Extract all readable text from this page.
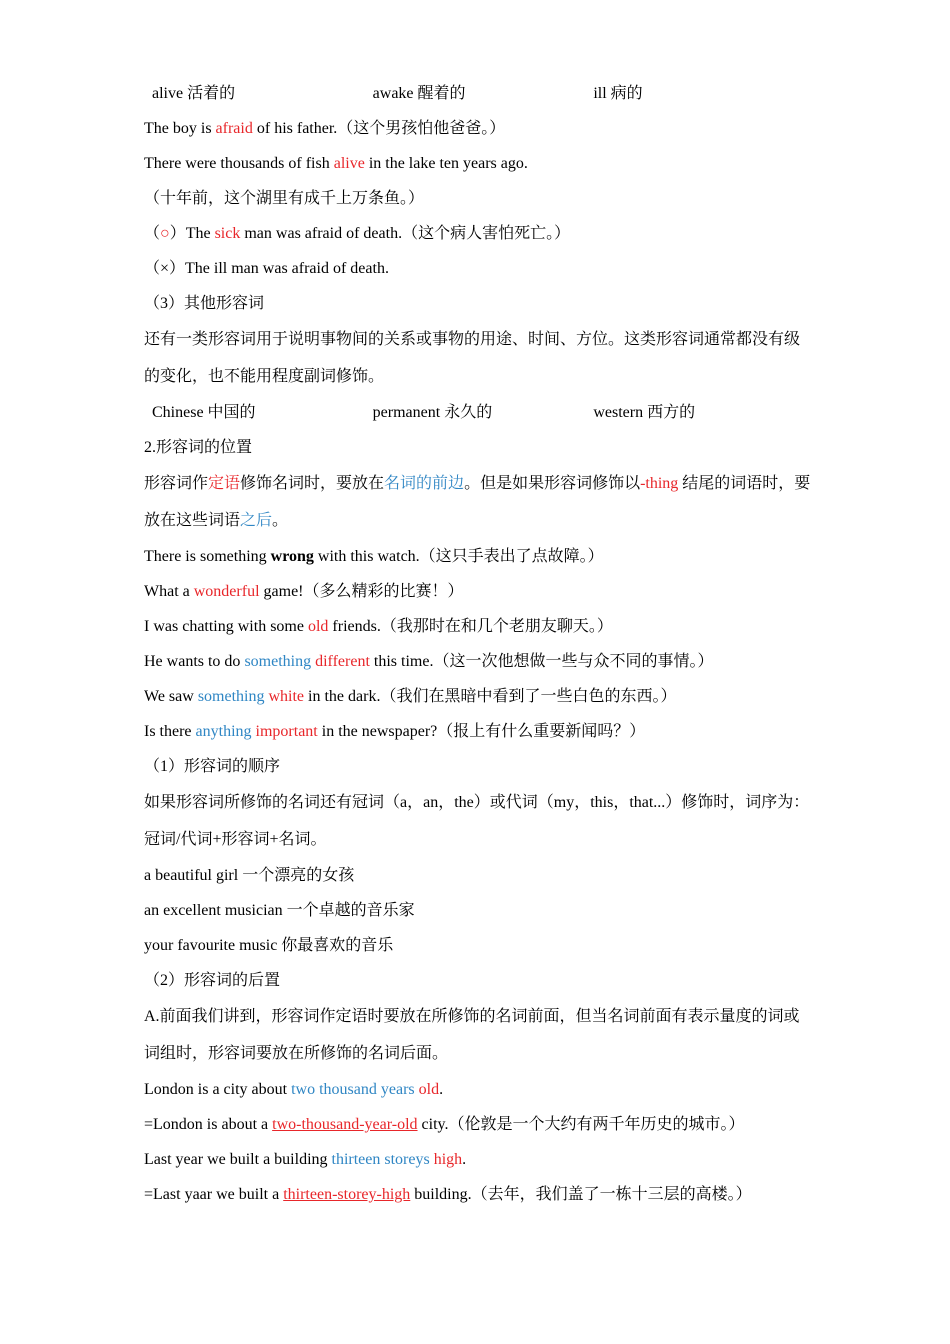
alive 活着的	awake 醒着的	ill 病的
The boy is afraid of his father.（这个男孩怕他爸爸。）
There were thousands of fish alive in the lake ten years ago.
（十年前，这个湖里有成千上万条鱼。）
（○）The sick man was afraid of death.（这个病人害怕死亡。）
（×）The ill man was afraid of death.
（3）其他形容词
还有一类形容词用于说明事物间的关系或事物的用途、时间、方位。这类形容词通常都没有级的变化，也不能用程度副词修饰。
Chinese 中国的	permanent 永久的	western 西方的
2.形容词的位置
形容词作定语修饰名词时，要放在名词的前边。但是如果形容词修饰以-thing 结尾的词语时，要放在这些词语之后。
There is something wrong with this watch.（这只手表出了点故障。）
What a wonderful game!（多么精彩的比赛！）
I was chatting with some old friends.（我那时在和几个老朋友聊天。）
He wants to do something different this time.（这一次他想做一些与众不同的事情。）
We saw something white in the dark.（我们在黑暗中看到了一些白色的东西。）
Is there anything important in the newspaper?（报上有什么重要新闻吗？）
（1）形容词的顺序
如果形容词所修饰的名词还有冠词（a，an，the）或代词（my，this，that...）修饰时，词序为：冠词/代词+形容词+名词。
a beautiful girl 一个漂亮的女孩
an excellent musician 一个卓越的音乐家
your favourite music 你最喜欢的音乐
（2）形容词的后置
A.前面我们讲到，形容词作定语时要放在所修饰的名词前面，但当名词前面有表示量度的词或词组时，形容词要放在所修饰的名词后面。
London is a city about two thousand years old.
=London is about a two-thousand-year-old city.（伦敦是一个大约有两千年历史的城市。）
Last year we built a building thirteen storeys high.
=Last yaar we built a thirteen-storey-high building.（去年，我们盖了一栋十三层的高楼。）
